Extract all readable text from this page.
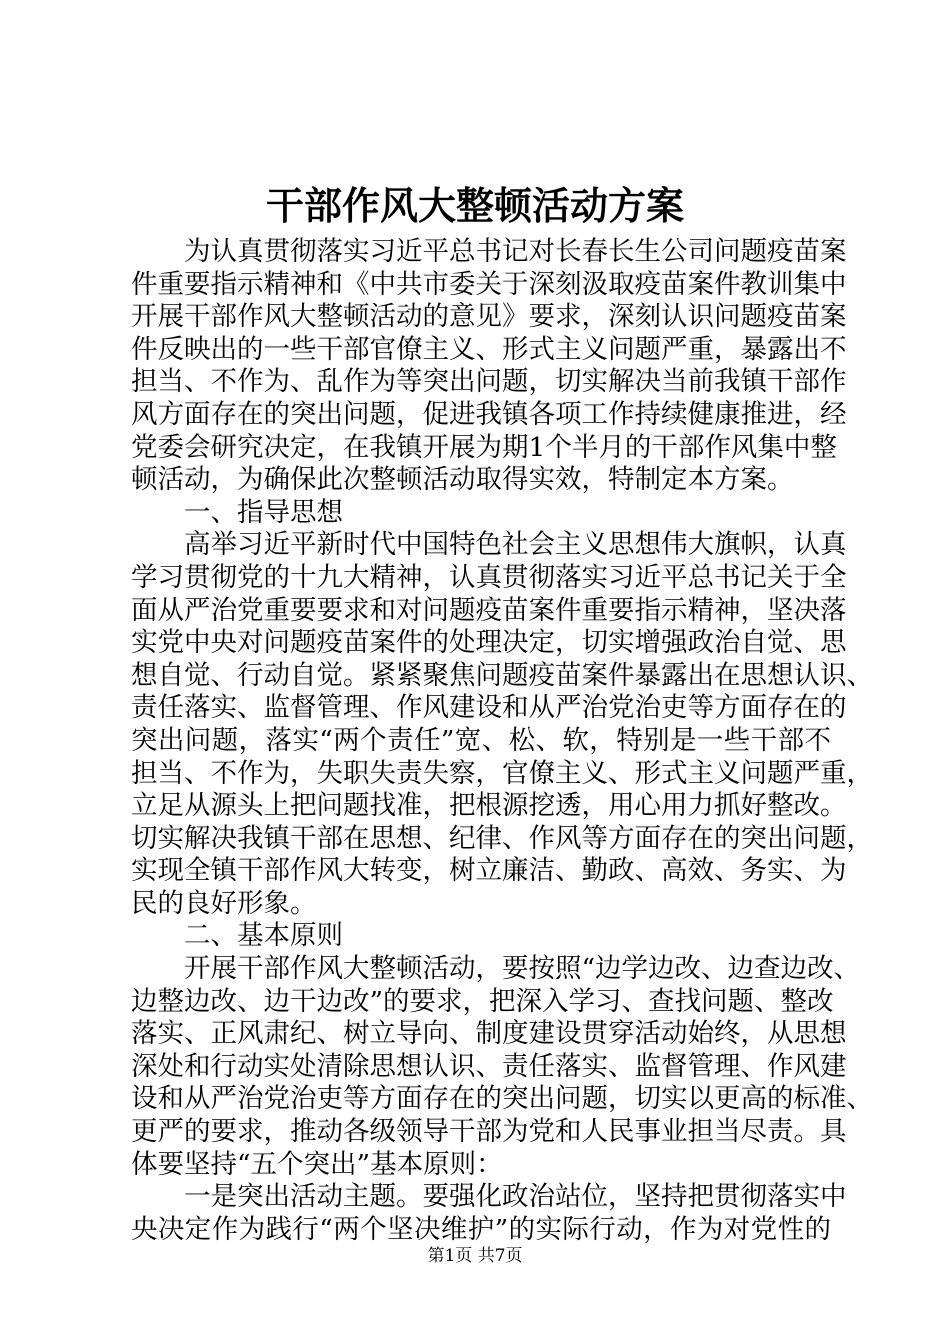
干部作风大整顿活动方案
为认真贯彻落实习近平总书记对长春长生公司问题疫苗案
件重要指示精神和《中共市委关于深刻汲取疫苗案件教训集中
开展干部作风大整顿活动的意见》要求，深刻认识问题疫苗案
件反映出的一些干部官僚主义、形式主义问题严重，暴露出不
担当、不作为、乱作为等突出问题，切实解决当前我镇干部作
风方面存在的突出问题，促进我镇各项工作持续健康推进，经
党委会研究决定，在我镇开展为期1个半月的干部作风集中整
顿活动，为确保此次整顿活动取得实效，特制定本方案。
一、指导思想
高举习近平新时代中国特色社会主义思想伟大旗帜，认真
学习贯彻党的十九大精神，认真贯彻落实习近平总书记关于全
面从严治党重要要求和对问题疫苗案件重要指示精神，坚决落
实党中央对问题疫苗案件的处理决定，切实增强政治自觉、思
想自觉、行动自觉。紧紧聚焦问题疫苗案件暴露出在思想认识、
责任落实、监督管理、作风建设和从严治党治吏等方面存在的
突出问题，落实“两个责任”宽、松、软，特别是一些干部不
担当、不作为，失职失责失察，官僚主义、形式主义问题严重，
立足从源头上把问题找准，把根源挖透，用心用力抓好整改。
切实解决我镇干部在思想、纪律、作风等方面存在的突出问题，
实现全镇干部作风大转变，树立廉洁、勤政、高效、务实、为
民的良好形象。
二、基本原则
开展干部作风大整顿活动，要按照“边学边改、边查边改、
边整边改、边干边改”的要求，把深入学习、查找问题、整改
落实、正风肃纪、树立导向、制度建设贯穿活动始终，从思想
深处和行动实处清除思想认识、责任落实、监督管理、作风建
设和从严治党治吏等方面存在的突出问题，切实以更高的标准、
更严的要求，推动各级领导干部为党和人民事业担当尽责。具
体要坚持“五个突出”基本原则：
一是突出活动主题。要强化政治站位，坚持把贯彻落实中
央决定作为践行“两个坚决维护”的实际行动，作为对党性的
第1页 共7页
